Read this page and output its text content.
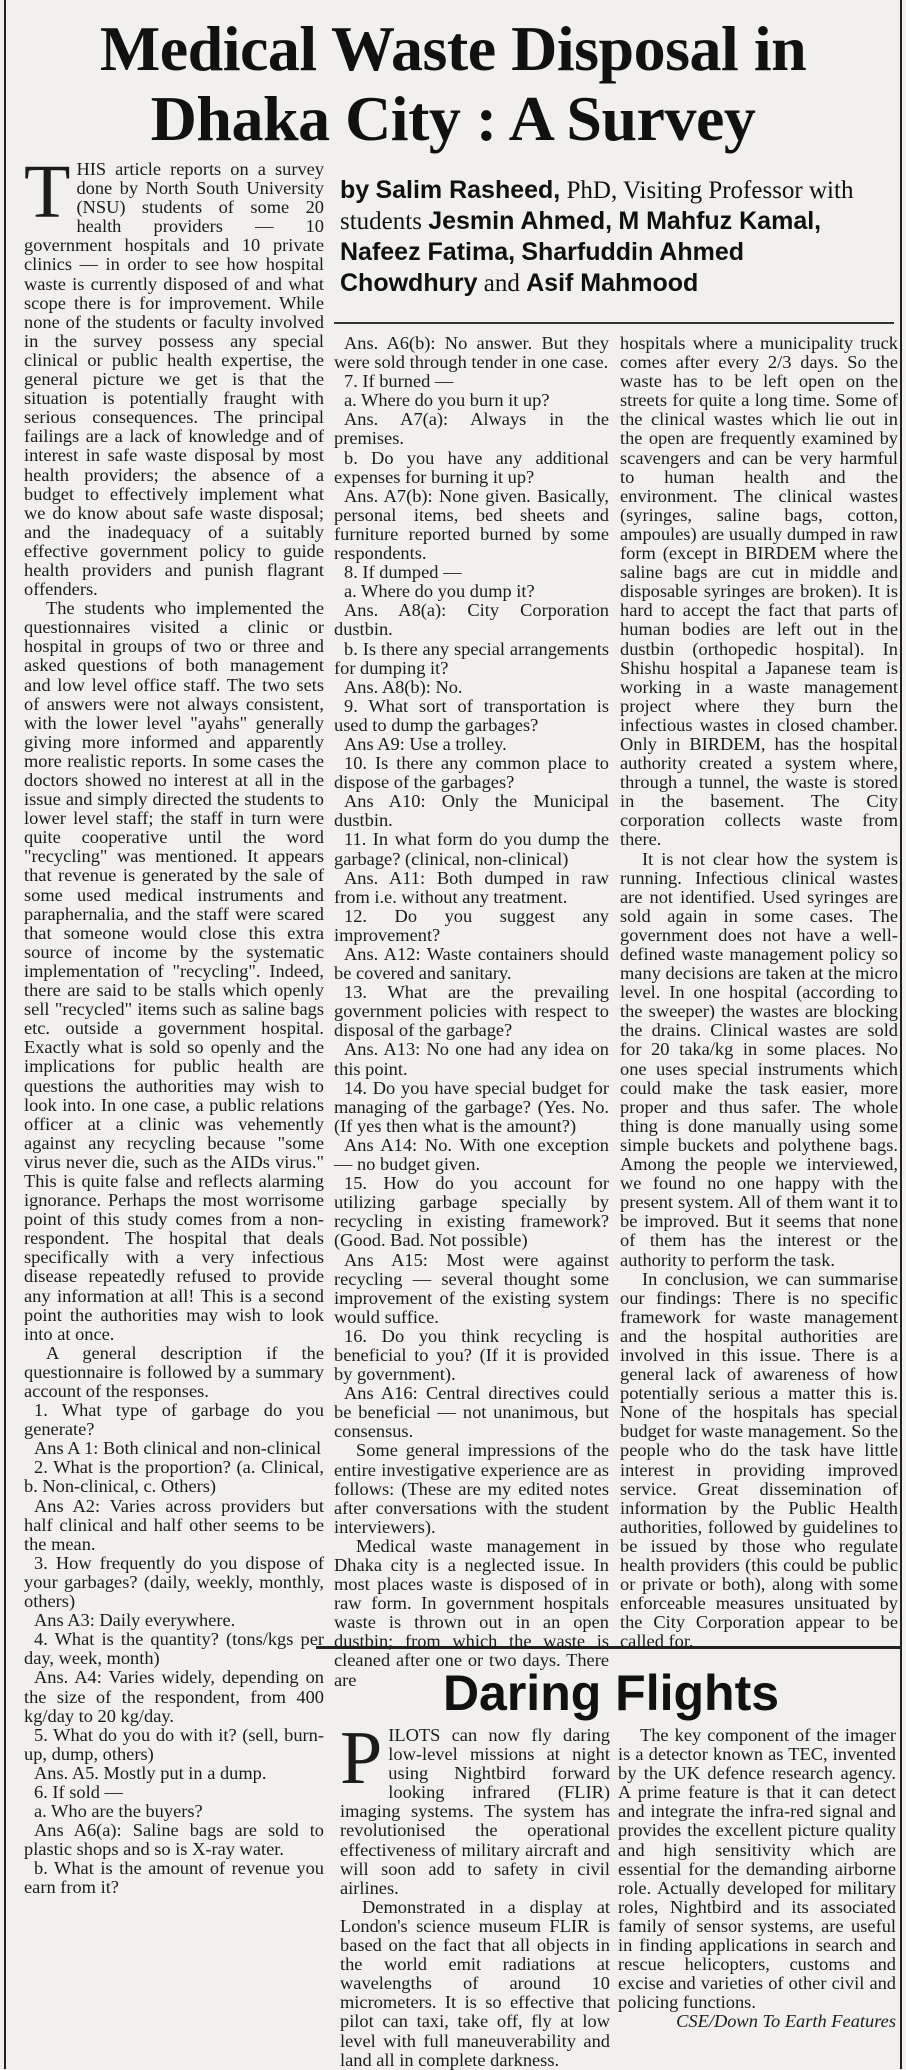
Medical Waste Disposal in
Dhaka City : A Survey
by Salim Rasheed, PhD, Visiting Professor with students Jesmin Ahmed, M Mahfuz Kamal, Nafeez Fatima, Sharfuddin Ahmed Chowdhury and Asif Mahmood
T HIS article reports on a survey done by North South University (NSU) students of some 20 health providers — 10 government hospitals and 10 private clinics — in order to see how hospital waste is currently disposed of and what scope there is for improvement. While none of the students or faculty involved in the survey possess any special clinical or public health expertise, the general picture we get is that the situation is potentially fraught with serious consequences. The principal failings are a lack of knowledge and of interest in safe waste disposal by most health providers; the absence of a budget to effectively implement what we do know about safe waste disposal; and the inadequacy of a suitably effective government policy to guide health providers and punish flagrant offenders.

The students who implemented the questionnaires visited a clinic or hospital in groups of two or three and asked questions of both management and low level office staff. The two sets of answers were not always consistent, with the lower level "ayahs" generally giving more informed and apparently more realistic reports. In some cases the doctors showed no interest at all in the issue and simply directed the students to lower level staff; the staff in turn were quite cooperative until the word "recycling" was mentioned. It appears that revenue is generated by the sale of some used medical instruments and paraphernalia, and the staff were scared that someone would close this extra source of income by the systematic implementation of "recycling". Indeed, there are said to be stalls which openly sell "recycled" items such as saline bags etc. outside a government hospital. Exactly what is sold so openly and the implications for public health are questions the authorities may wish to look into. In one case, a public relations officer at a clinic was vehemently against any recycling because "some virus never die, such as the AIDs virus." This is quite false and reflects alarming ignorance. Perhaps the most worrisome point of this study comes from a non-respondent. The hospital that deals specifically with a very infectious disease repeatedly refused to provide any information at all! This is a second point the authorities may wish to look into at once.

A general description if the questionnaire is followed by a summary account of the responses.

1. What type of garbage do you generate?

Ans A 1: Both clinical and non-clinical

2. What is the proportion? (a. Clinical, b. Non-clinical, c. Others)

Ans A2: Varies across providers but half clinical and half other seems to be the mean.

3. How frequently do you dispose of your garbages? (daily, weekly, monthly, others)

Ans A3: Daily everywhere.

4. What is the quantity? (tons/kgs per day, week, month)

Ans. A4: Varies widely, depending on the size of the respondent, from 400 kg/day to 20 kg/day.

5. What do you do with it? (sell, burn-up, dump, others)

Ans. A5. Mostly put in a dump.

6. If sold —

a. Who are the buyers?

Ans A6(a): Saline bags are sold to plastic shops and so is X-ray water.

b. What is the amount of revenue you earn from it?

Ans. A6(b): No answer. But they were sold through tender in one case.

7. If burned —

a. Where do you burn it up?

Ans. A7(a): Always in the premises.

b. Do you have any additional expenses for burning it up?

Ans. A7(b): None given. Basically, personal items, bed sheets and furniture reported burned by some respondents.

8. If dumped —

a. Where do you dump it?

Ans. A8(a): City Corporation dustbin.

b. Is there any special arrangements for dumping it?

Ans. A8(b): No.

9. What sort of transportation is used to dump the garbages?

Ans A9: Use a trolley.

10. Is there any common place to dispose of the garbages?

Ans A10: Only the Municipal dustbin.

11. In what form do you dump the garbage? (clinical, non-clinical)

Ans. A11: Both dumped in raw from i.e. without any treatment.

12. Do you suggest any improvement?

Ans. A12: Waste containers should be covered and sanitary.

13. What are the prevailing government policies with respect to disposal of the garbage?

Ans. A13: No one had any idea on this point.

14. Do you have special budget for managing of the garbage? (Yes. No. (If yes then what is the amount?)

Ans A14: No. With one exception — no budget given.

15. How do you account for utilizing garbage specially by recycling in existing framework? (Good. Bad. Not possible)

Ans A15: Most were against recycling — several thought some improvement of the existing system would suffice.

16. Do you think recycling is beneficial to you? (If it is provided by government).

Ans A16: Central directives could be beneficial — not unanimous, but consensus.

Some general impressions of the entire investigative experience are as follows: (These are my edited notes after conversations with the student interviewers).

Medical waste management in Dhaka city is a neglected issue. In most places waste is disposed of in raw form. In government hospitals waste is thrown out in an open dustbin; from which the waste is cleaned after one or two days. There are

hospitals where a municipality truck comes after every 2/3 days. So the waste has to be left open on the streets for quite a long time. Some of the clinical wastes which lie out in the open are frequently examined by scavengers and can be very harmful to human health and the environment. The clinical wastes (syringes, saline bags, cotton, ampoules) are usually dumped in raw form (except in BIRDEM where the saline bags are cut in middle and disposable syringes are broken). It is hard to accept the fact that parts of human bodies are left out in the dustbin (orthopedic hospital). In Shishu hospital a Japanese team is working in a waste management project where they burn the infectious wastes in closed chamber. Only in BIRDEM, has the hospital authority created a system where, through a tunnel, the waste is stored in the basement. The City corporation collects waste from there.

It is not clear how the system is running. Infectious clinical wastes are not identified. Used syringes are sold again in some cases. The government does not have a well-defined waste management policy so many decisions are taken at the micro level. In one hospital (according to the sweeper) the wastes are blocking the drains. Clinical wastes are sold for 20 taka/kg in some places. No one uses special instruments which could make the task easier, more proper and thus safer. The whole thing is done manually using some simple buckets and polythene bags. Among the people we interviewed, we found no one happy with the present system. All of them want it to be improved. But it seems that none of them has the interest or the authority to perform the task.

In conclusion, we can summarise our findings: There is no specific framework for waste management and the hospital authorities are involved in this issue. There is a general lack of awareness of how potentially serious a matter this is. None of the hospitals has special budget for waste management. So the people who do the task have little interest in providing improved service. Great dissemination of information by the Public Health authorities, followed by guidelines to be issued by those who regulate health providers (this could be public or private or both), along with some enforceable measures unsituated by the City Corporation appear to be called for.

Daring Flights
P ILOTS can now fly daring low-level missions at night using Nightbird forward looking infrared (FLIR) imaging systems. The system has revolutionised the operational effectiveness of military aircraft and will soon add to safety in civil airlines.

Demonstrated in a display at London's science museum FLIR is based on the fact that all objects in the world emit radiations at wavelengths of around 10 micrometers. It is so effective that pilot can taxi, take off, fly at low level with full maneuverability and land all in complete darkness.

The key component of the imager is a detector known as TEC, invented by the UK defence research agency. A prime feature is that it can detect and integrate the infra-red signal and provides the excellent picture quality and high sensitivity which are essential for the demanding airborne role. Actually developed for military roles, Nightbird and its associated family of sensor systems, are useful in finding applications in search and rescue helicopters, customs and excise and varieties of other civil and policing functions.

CSE/Down To Earth Features
